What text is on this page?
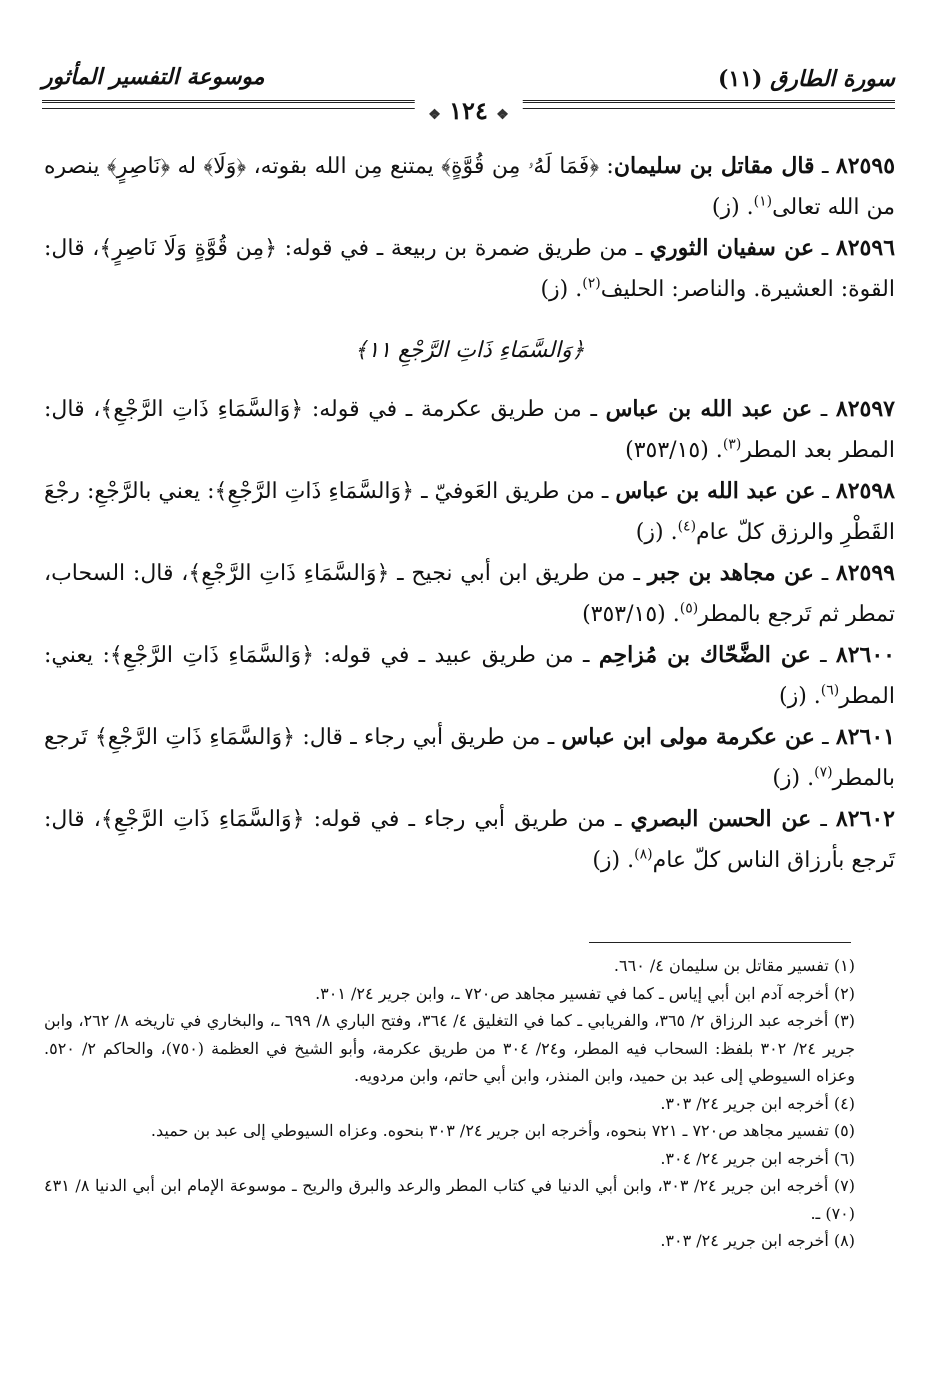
موسوعة التفسير المأثور	سورة الطارق (١١)
❖ ١٢٤ ❖

٨٢٥٩٥ ـ قال مقاتل بن سليمان: ﴿فَمَا لَهُۥ مِن قُوَّةٍ﴾ يمتنع مِن الله بقوته، ﴿وَلَا﴾ له ﴿نَاصِرٍ﴾ ينصره من الله تعالى$^{(١)}$. (ز)

٨٢٥٩٦ ـ عن سفيان الثوري ـ من طريق ضمرة بن ربيعة ـ في قوله: ﴿مِن قُوَّةٍ وَلَا نَاصِرٍ﴾، قال: القوة: العشيرة. والناصر: الحليف$^{(٢)}$. (ز)

﴿وَالسَّمَاءِ ذَاتِ الرَّجْعِ ١١﴾

٨٢٥٩٧ ـ عن عبد الله بن عباس ـ من طريق عكرمة ـ في قوله: ﴿وَالسَّمَاءِ ذَاتِ الرَّجْعِ﴾، قال: المطر بعد المطر$^{(٣)}$. (٣٥٣/١٥)

٨٢٥٩٨ ـ عن عبد الله بن عباس ـ من طريق العَوفيّ ـ ﴿وَالسَّمَاءِ ذَاتِ الرَّجْعِ﴾: يعني بالرَّجْعِ: رجْعَ القَطْرِ والرزق كلّ عام$^{(٤)}$. (ز)

٨٢٥٩٩ ـ عن مجاهد بن جبر ـ من طريق ابن أبي نجيح ـ ﴿وَالسَّمَاءِ ذَاتِ الرَّجْعِ﴾، قال: السحاب، تمطر ثم تَرجع بالمطر$^{(٥)}$. (٣٥٣/١٥)

٨٢٦٠٠ ـ عن الضَّحّاك بن مُزاحِم ـ من طريق عبيد ـ في قوله: ﴿وَالسَّمَاءِ ذَاتِ الرَّجْعِ﴾: يعني: المطر$^{(٦)}$. (ز)

٨٢٦٠١ ـ عن عكرمة مولى ابن عباس ـ من طريق أبي رجاء ـ قال: ﴿وَالسَّمَاءِ ذَاتِ الرَّجْعِ﴾ تَرجع بالمطر$^{(٧)}$. (ز)

٨٢٦٠٢ ـ عن الحسن البصري ـ من طريق أبي رجاء ـ في قوله: ﴿وَالسَّمَاءِ ذَاتِ الرَّجْعِ﴾، قال: تَرجع بأرزاق الناس كلّ عام$^{(٨)}$. (ز)

(١) تفسير مقاتل بن سليمان ٤/ ٦٦٠.

(٢) أخرجه آدم ابن أبي إياس ـ كما في تفسير مجاهد ص٧٢٠ ـ، وابن جرير ٢٤/ ٣٠١.

(٣) أخرجه عبد الرزاق ٢/ ٣٦٥، والفريابي ـ كما في التغليق ٤/ ٣٦٤، وفتح الباري ٨/ ٦٩٩ ـ، والبخاري في تاريخه ٨/ ٢٦٢، وابن جرير ٢٤/ ٣٠٢ بلفظ: السحاب فيه المطر، و٢٤/ ٣٠٤ من طريق عكرمة، وأبو الشيخ في العظمة (٧٥٠)، والحاكم ٢/ ٥٢٠. وعزاه السيوطي إلى عبد بن حميد، وابن المنذر، وابن أبي حاتم، وابن مردويه.

(٤) أخرجه ابن جرير ٢٤/ ٣٠٣.

(٥) تفسير مجاهد ص٧٢٠ ـ ٧٢١ بنحوه، وأخرجه ابن جرير ٢٤/ ٣٠٣ بنحوه. وعزاه السيوطي إلى عبد بن حميد.

(٦) أخرجه ابن جرير ٢٤/ ٣٠٤.

(٧) أخرجه ابن جرير ٢٤/ ٣٠٣، وابن أبي الدنيا في كتاب المطر والرعد والبرق والريح ـ موسوعة الإمام ابن أبي الدنيا ٨/ ٤٣١ (٧٠) ـ.

(٨) أخرجه ابن جرير ٢٤/ ٣٠٣.
